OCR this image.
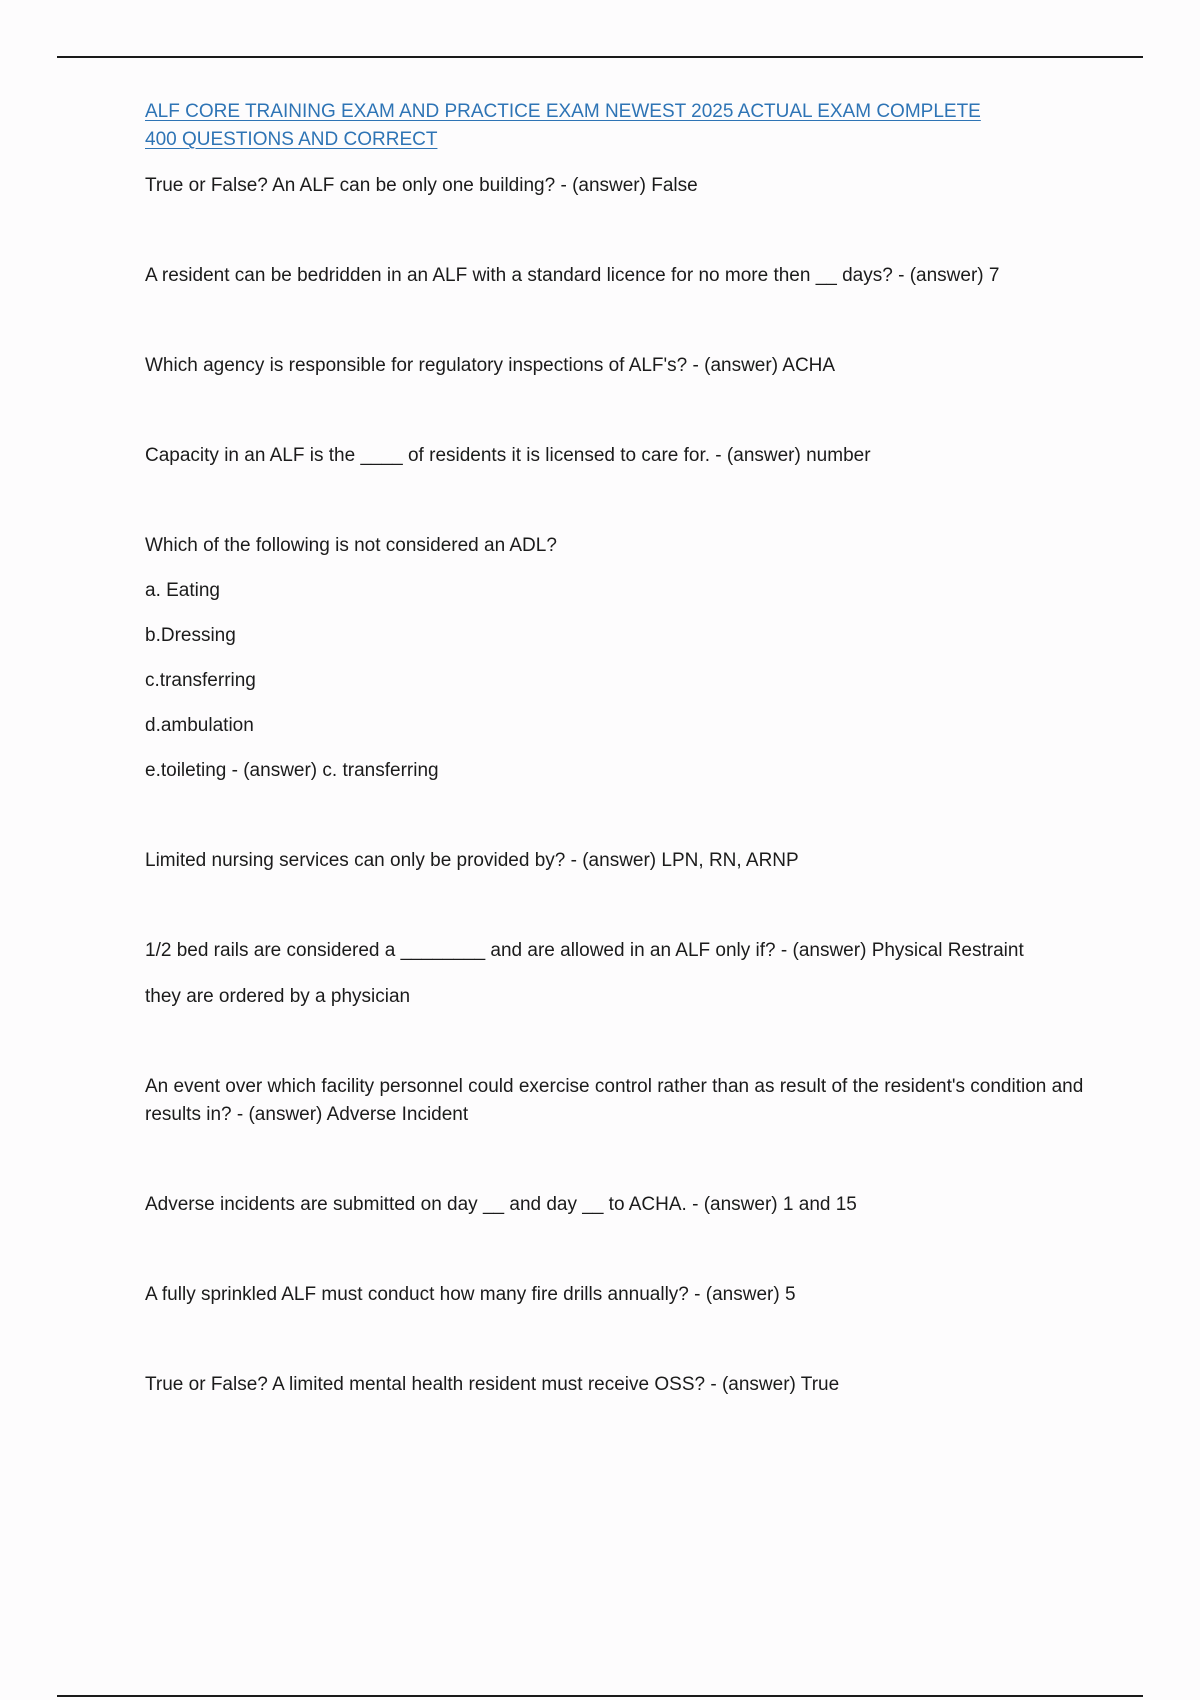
ALF CORE TRAINING EXAM AND PRACTICE EXAM NEWEST 2025 ACTUAL EXAM COMPLETE 400 QUESTIONS AND CORRECT
True or False? An ALF can be only one building? - (answer) False
A resident can be bedridden in an ALF with a standard licence for no more then __ days? - (answer) 7
Which agency is responsible for regulatory inspections of ALF's? - (answer) ACHA
Capacity in an ALF is the ____ of residents it is licensed to care for. - (answer) number
Which of the following is not considered an ADL?
a. Eating
b.Dressing
c.transferring
d.ambulation
e.toileting - (answer) c. transferring
Limited nursing services can only be provided by? - (answer) LPN, RN, ARNP
1/2 bed rails are considered a ________ and are allowed in an ALF only if? - (answer) Physical Restraint
they are ordered by a physician
An event over which facility personnel could exercise control rather than as result of the resident's condition and results in? - (answer) Adverse Incident
Adverse incidents are submitted on day __ and day __ to ACHA. - (answer) 1 and 15
A fully sprinkled ALF must conduct how many fire drills annually? - (answer) 5
True or False? A limited mental health resident must receive OSS? - (answer) True
